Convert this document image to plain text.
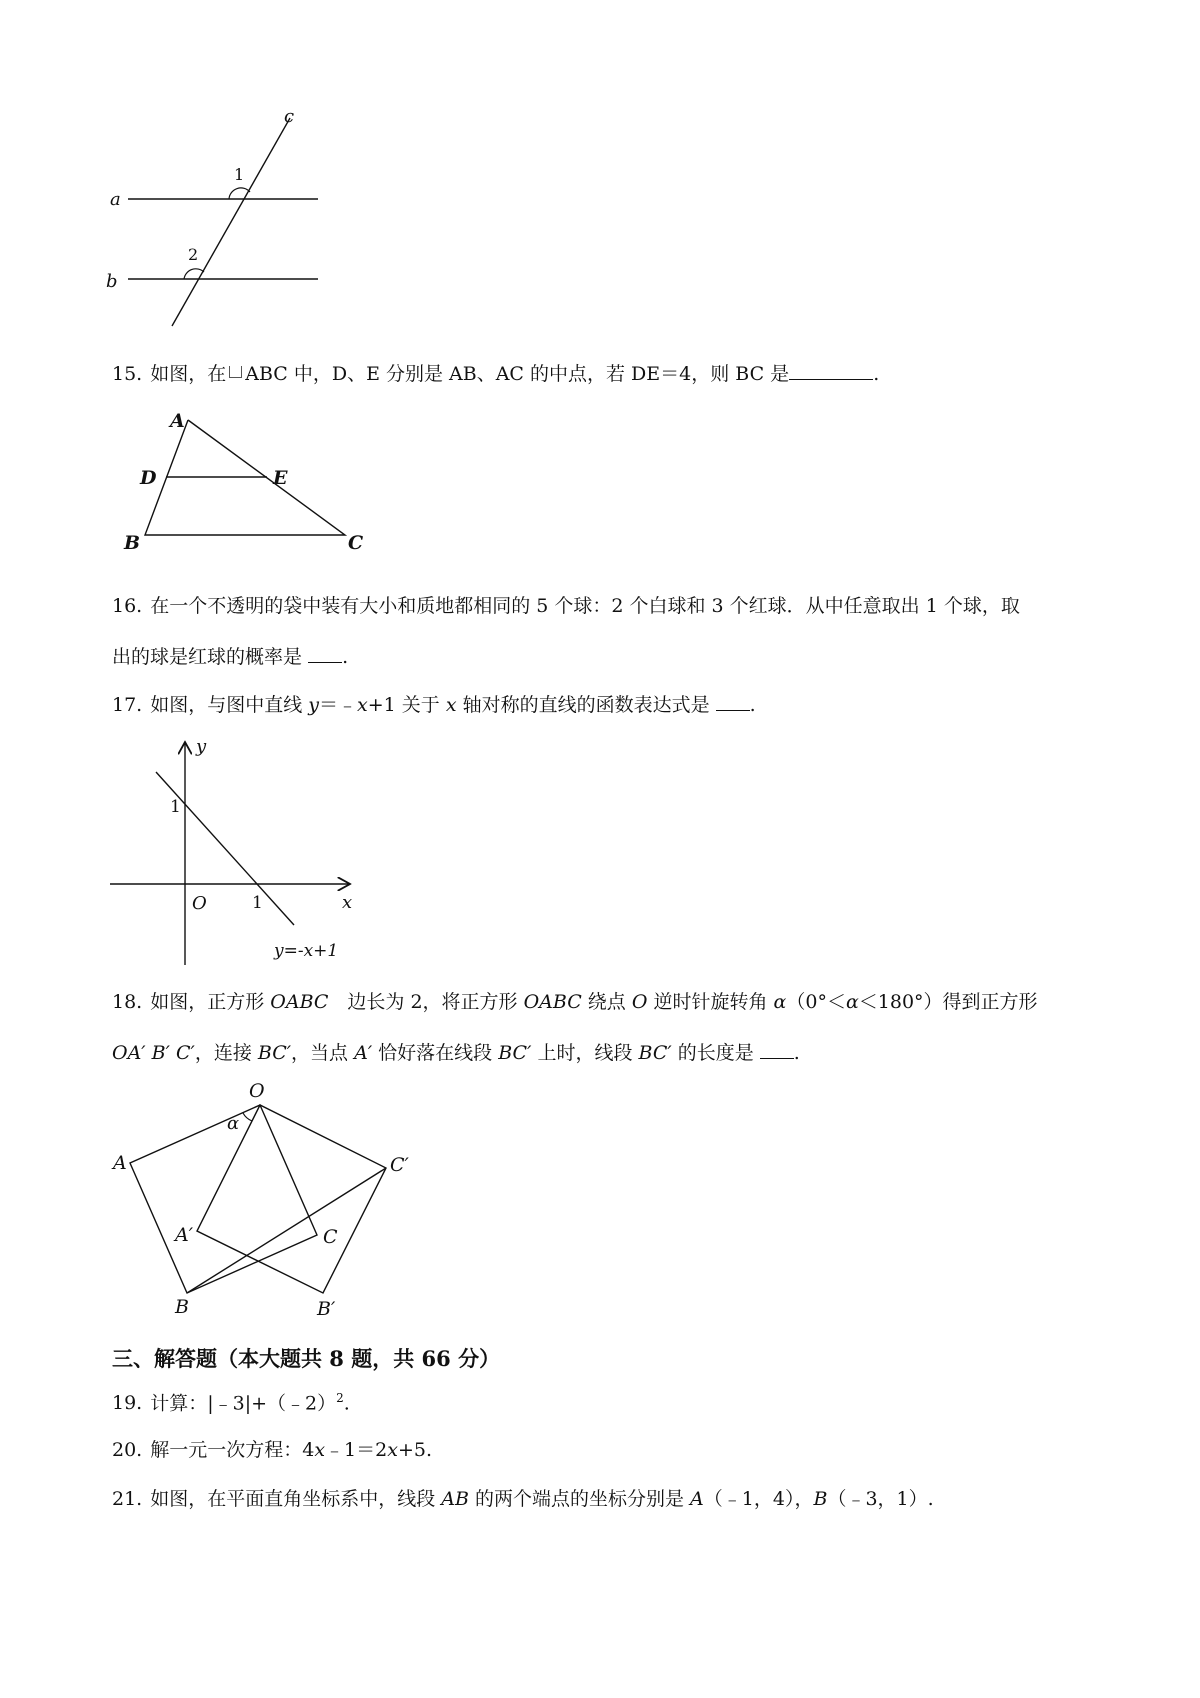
c
a
b
1
2
15. 如图，在 ABC 中，D、E 分别是 AB、AC 的中点，若 DE＝4，则 BC 是	.
A
D	E
B	C
16. 在一个不透明的袋中装有大小和质地都相同的 5 个球：2 个白球和 3 个红球．从中任意取出 1 个球，取
出的球是红球的概率是 .
17. 如图，与图中直线 y＝﹣x+1 关于 x 轴对称的直线的函数表达式是 .
y
x
O
1
1
y=-x+1
18. 如图，正方形 OABC　边长为 2，将正方形 OABC 绕点 O 逆时针旋转角 α（0°＜α＜180°）得到正方形
OA′ B′ C′，连接 BC′，当点 A′ 恰好落在线段 BC′ 上时，线段 BC′ 的长度是 .
O
α
A	C′
A′	C
B	B′
三、解答题（本大题共 8 题，共 66 分）
19. 计算：|﹣3|+（﹣2）$^2$.
20. 解一元一次方程：4x﹣1＝2x+5.
21. 如图，在平面直角坐标系中，线段 AB 的两个端点的坐标分别是 A（﹣1，4），B（﹣3，1）.
